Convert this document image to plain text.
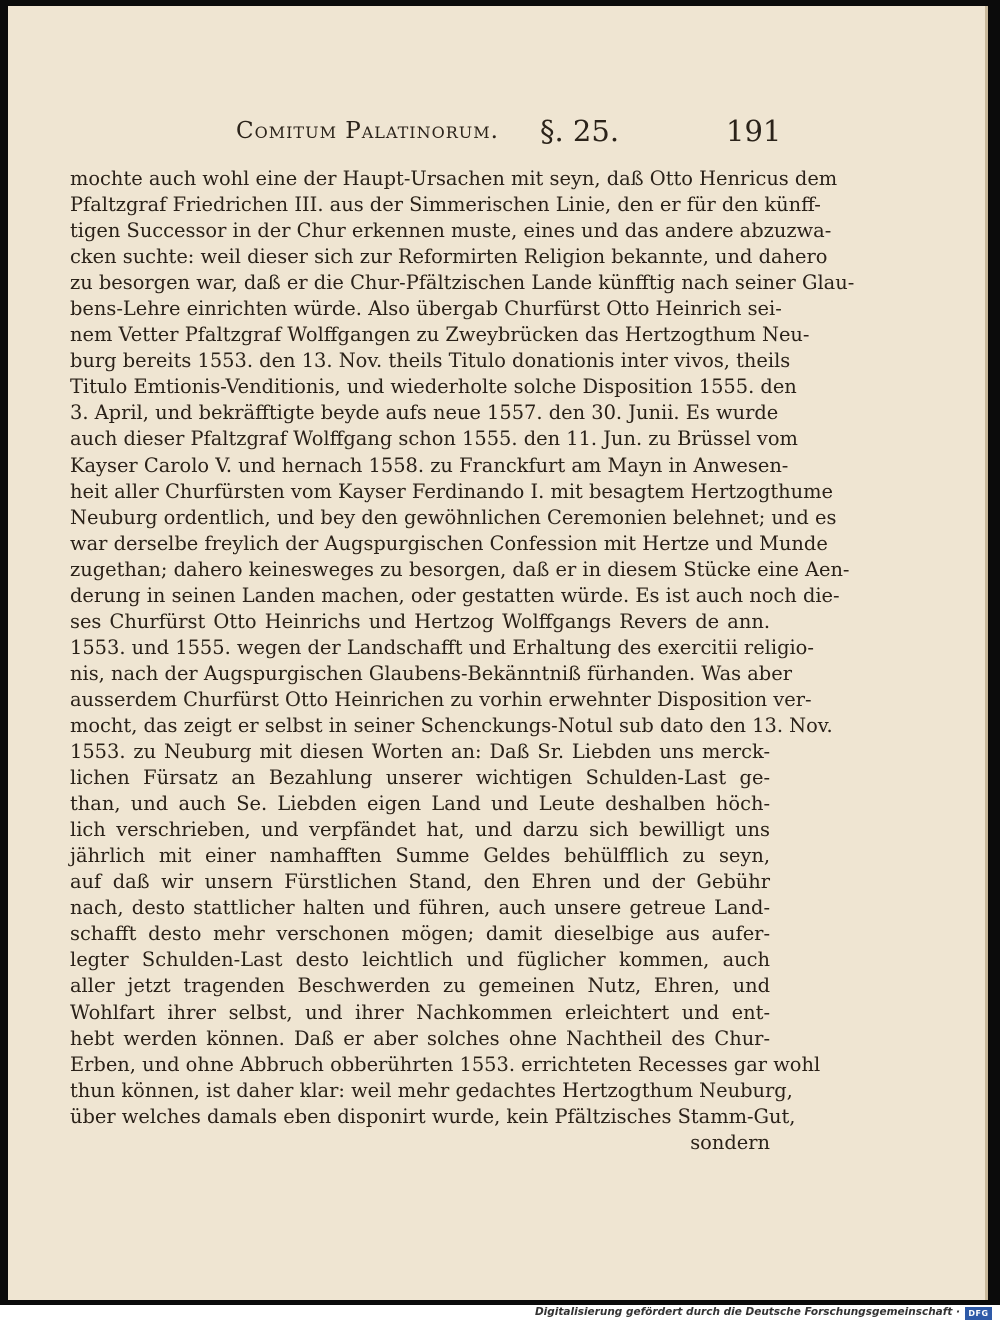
Comitum Palatinorum. §. 25.	191
mochte auch wohl eine der Haupt-Ursachen mit seyn, daß Otto Henricus dem
Pfaltzgraf Friedrichen III. aus der Simmerischen Linie, den er für den künff-
tigen Successor in der Chur erkennen muste, eines und das andere abzuzwa-
cken suchte: weil dieser sich zur Reformirten Religion bekannte, und dahero
zu besorgen war, daß er die Chur-Pfältzischen Lande künfftig nach seiner Glau-
bens-Lehre einrichten würde. Also übergab Churfürst Otto Heinrich sei-
nem Vetter Pfaltzgraf Wolffgangen zu Zweybrücken das Hertzogthum Neu-
burg bereits 1553. den 13. Nov. theils Titulo donationis inter vivos, theils
Titulo Emtionis-Venditionis, und wiederholte solche Disposition 1555. den
3. April, und bekräfftigte beyde aufs neue 1557. den 30. Junii. Es wurde
auch dieser Pfaltzgraf Wolffgang schon 1555. den 11. Jun. zu Brüssel vom
Kayser Carolo V. und hernach 1558. zu Franckfurt am Mayn in Anwesen-
heit aller Churfürsten vom Kayser Ferdinando I. mit besagtem Hertzogthume
Neuburg ordentlich, und bey den gewöhnlichen Ceremonien belehnet; und es
war derselbe freylich der Augspurgischen Confession mit Hertze und Munde
zugethan; dahero keinesweges zu besorgen, daß er in diesem Stücke eine Aen-
derung in seinen Landen machen, oder gestatten würde. Es ist auch noch die-
ses Churfürst Otto Heinrichs und Hertzog Wolffgangs Revers de ann.
1553. und 1555. wegen der Landschafft und Erhaltung des exercitii religio-
nis, nach der Augspurgischen Glaubens-Bekänntniß fürhanden. Was aber
ausserdem Churfürst Otto Heinrichen zu vorhin erwehnter Disposition ver-
mocht, das zeigt er selbst in seiner Schenckungs-Notul sub dato den 13. Nov.
1553. zu Neuburg mit diesen Worten an: Daß Sr. Liebden uns merck-
lichen Fürsatz an Bezahlung unserer wichtigen Schulden-Last ge-
than, und auch Se. Liebden eigen Land und Leute deshalben höch-
lich verschrieben, und verpfändet hat, und darzu sich bewilligt uns
jährlich mit einer namhafften Summe Geldes behülfflich zu seyn,
auf daß wir unsern Fürstlichen Stand, den Ehren und der Gebühr
nach, desto stattlicher halten und führen, auch unsere getreue Land-
schafft desto mehr verschonen mögen; damit dieselbige aus aufer-
legter Schulden-Last desto leichtlich und füglicher kommen, auch
aller jetzt tragenden Beschwerden zu gemeinen Nutz, Ehren, und
Wohlfart ihrer selbst, und ihrer Nachkommen erleichtert und ent-
hebt werden können. Daß er aber solches ohne Nachtheil des Chur-
Erben, und ohne Abbruch obberührten 1553. errichteten Recesses gar wohl
thun können, ist daher klar: weil mehr gedachtes Hertzogthum Neuburg,
über welches damals eben disponirt wurde, kein Pfältzisches Stamm-Gut,
sondern
Digitalisierung gefördert durch die Deutsche Forschungsgemeinschaft ·	DFG
